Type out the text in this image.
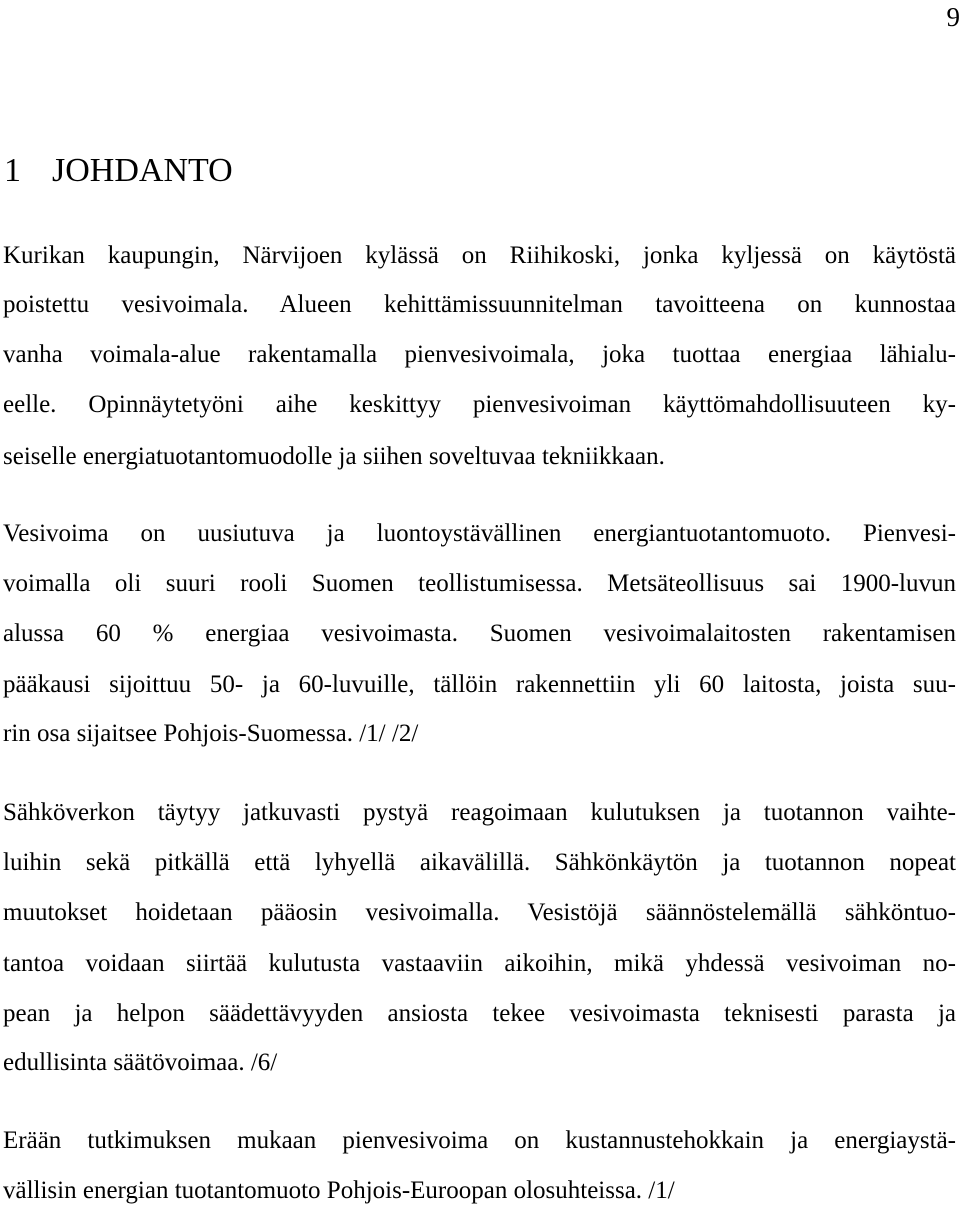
9
1 JOHDANTO
Kurikan kaupungin, Närvijoen kylässä on Riihikoski, jonka kyljessä on käytöstä
poistettu vesivoimala. Alueen kehittämissuunnitelman tavoitteena on kunnostaa
vanha voimala-alue rakentamalla pienvesivoimala, joka tuottaa energiaa lähialu-
eelle. Opinnäytetyöni aihe keskittyy pienvesivoiman käyttömahdollisuuteen ky-
seiselle energiatuotantomuodolle ja siihen soveltuvaa tekniikkaan.
Vesivoima on uusiutuva ja luontoystävällinen energiantuotantomuoto. Pienvesi-
voimalla oli suuri rooli Suomen teollistumisessa. Metsäteollisuus sai 1900-luvun
alussa 60 % energiaa vesivoimasta. Suomen vesivoimalaitosten rakentamisen
pääkausi sijoittuu 50- ja 60-luvuille, tällöin rakennettiin yli 60 laitosta, joista suu-
rin osa sijaitsee Pohjois-Suomessa. /1/ /2/
Sähköverkon täytyy jatkuvasti pystyä reagoimaan kulutuksen ja tuotannon vaihte-
luihin sekä pitkällä että lyhyellä aikavälillä. Sähkönkäytön ja tuotannon nopeat
muutokset hoidetaan pääosin vesivoimalla. Vesistöjä säännöstelemällä sähköntuo-
tantoa voidaan siirtää kulutusta vastaaviin aikoihin, mikä yhdessä vesivoiman no-
pean ja helpon säädettävyyden ansiosta tekee vesivoimasta teknisesti parasta ja
edullisinta säätövoimaa. /6/
Erään tutkimuksen mukaan pienvesivoima on kustannustehokkain ja energiaystä-
vällisin energian tuotantomuoto Pohjois-Euroopan olosuhteissa. /1/
